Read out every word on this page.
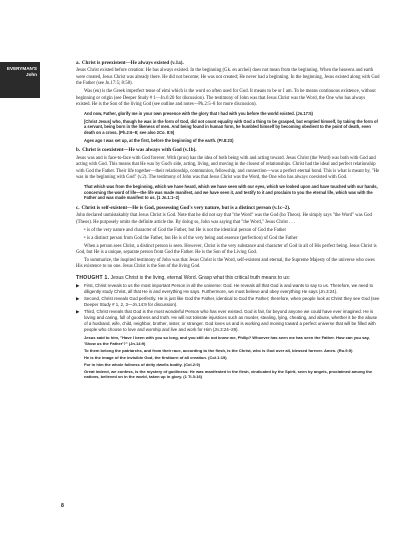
EVERYMAN'S
John

a. Christ is preexistent—He always existed (v.1a).

Jesus Christ existed before creation: He has always existed. In the beginning (Gk. en archei) does not mean from the beginning. When the heavens and earth were created, Jesus Christ was already there. He did not become; He was not created; He never had a beginning. In the beginning, Jesus existed along with God the Father (see Jn.17:5; 8:58).

Was (en) is the Greek imperfect tense of eimi which is the word so often used for God. It means to be or I am. To be means continuous existence, without beginning or origin (see Deeper Study # 1—Jn.6:20 for discussion). The testimony of John was that Jesus Christ was the Word, the One who has always existed. He is the Son of the living God (see outline and notes—Ph.2:5–8 for more discussion).

And now, Father, glorify me in your own presence with the glory that I had with you before the world existed. (Jn.17:5)
[Christ Jesus] who, though he was in the form of God, did not count equality with God a thing to be grasped, but emptied himself, by taking the form of a servant, being born in the likeness of men. And being found in human form, he humbled himself by becoming obedient to the point of death, even death on a cross. (Ph.2:6–8; see also 2Co. 8:9)
Ages ago I was set up, at the first, before the beginning of the earth. (Pr.8:23)

b. Christ is coexistent—He was always with God (v.1b).

Jesus was and is face-to-face with God forever. With (pros) has the idea of both being with and acting toward. Jesus Christ (the Word) was both with God and acting with God. This means that He was by God's side, acting, living, and moving in the closest of relationships. Christ had the ideal and perfect relationship with God the Father. Their life together—their relationship, communion, fellowship, and connection—was a perfect eternal bond. This is what is meant by, "He was in the beginning with God" (v.2). The testimony of John was that Jesus Christ was the Word, the One who has always coexisted with God.

That which was from the beginning, which we have heard, which we have seen with our eyes, which we looked upon and have touched with our hands, concerning the word of life—the life was made manifest, and we have seen it, and testify to it and proclaim to you the eternal life, which was with the Father and was made manifest to us. (1 Jn.1:1–2)

c. Christ is self-existent—He is God, possessing God's very nature, but is a distinct person (v.1c–2).

John declared unmistakably that Jesus Christ is God. Note that he did not say that "the Word" was the God (ho Theos). He simply says "the Word" was God (Theos). He purposely omits the definite article the. By doing so, John was saying that "the Word," Jesus Christ . . .

• is of the very nature and character of God the Father, but He is not the identical person of God the Father

• is a distinct person from God the Father, but He is of the very being and essence (perfection) of God the Father

When a person sees Christ, a distinct person is seen. However, Christ is the very substance and character of God in all of His perfect being. Jesus Christ is God, but He is a unique, separate person from God the Father. He is the Son of the Living God.

To summarize, the inspired testimony of John was that Jesus Christ is the Word, self-existent and eternal, the Supreme Majesty of the universe who owes His existence to no one. Jesus Christ is the Son of the living God.

THOUGHT 1. Jesus Christ is the living, eternal Word. Grasp what this critical truth means to us:

▶ First, Christ reveals to us the most important Person in all the universe: God. He reveals all that God is and wants to say to us. Therefore, we need to diligently study Christ, all that He is and everything He says. Furthermore, we must believe and obey everything He says (Jn.3:24).
▶ Second, Christ reveals God perfectly. He is just like God the Father, identical to God the Father; therefore, when people look at Christ they see God (see Deeper Study # 1, 2, 3—Jn.14:9 for discussion).
▶ Third, Christ reveals that God is the most wonderful Person who has ever existed. God is fair, far beyond anyone we could have ever imagined. He is loving and caring, full of goodness and truth. He will not tolerate injustices such as murder, stealing, lying, cheating, and abuse, whether it be the abuse of a husband, wife, child, neighbor, brother, sister, or stranger. God loves us and is working and moving toward a perfect universe that will be filled with people who choose to love and worship and live and work for Him (Jn.3:24–29).
Jesus said to him, "Have I been with you so long, and you still do not know me, Philip? Whoever has seen me has seen the Father. How can you say, 'Show us the Father'?" (Jn.14:9)
To them belong the patriarchs, and from their race, according to the flesh, is the Christ, who is God over all, blessed forever. Amen. (Ro.9:5)
He is the image of the invisible God, the firstborn of all creation. (Col.1:15)
For in him the whole fullness of deity dwells bodily. (Col.2:9)
Great indeed, we confess, is the mystery of godliness: He was manifested in the flesh, vindicated by the Spirit, seen by angels, proclaimed among the nations, believed on in the world, taken up in glory. (1 Ti.3:16)
8
